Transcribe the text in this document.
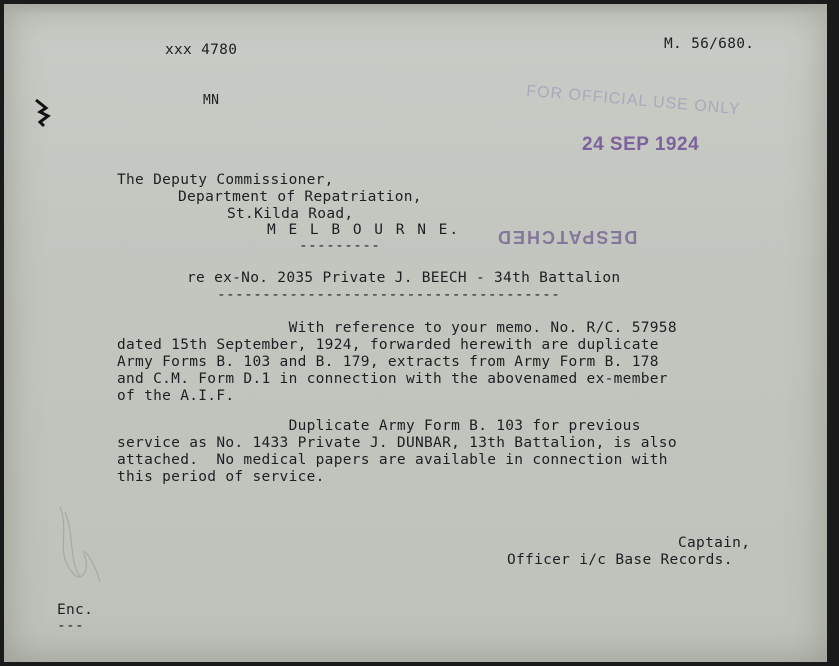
xxx 4780	M. 56/680.
MN	FOR OFFICIAL USE ONLY
24 SEP 1924
DESPATCHED
The Deputy Commissioner,
Department of Repatriation,
St.Kilda Road,
M E L B O U R N E.
---------
re ex-No. 2035 Private J. BEECH - 34th Battalion
--------------------------------------
With reference to your memo. No. R/C. 57958
dated 15th September, 1924, forwarded herewith are duplicate
Army Forms B. 103 and B. 179, extracts from Army Form B. 178
and C.M. Form D.1 in connection with the abovenamed ex-member
of the A.I.F.
Duplicate Army Form B. 103 for previous
service as No. 1433 Private J. DUNBAR, 13th Battalion, is also
attached.  No medical papers are available in connection with
this period of service.
Captain,
Officer i/c Base Records.
Enc.
---
